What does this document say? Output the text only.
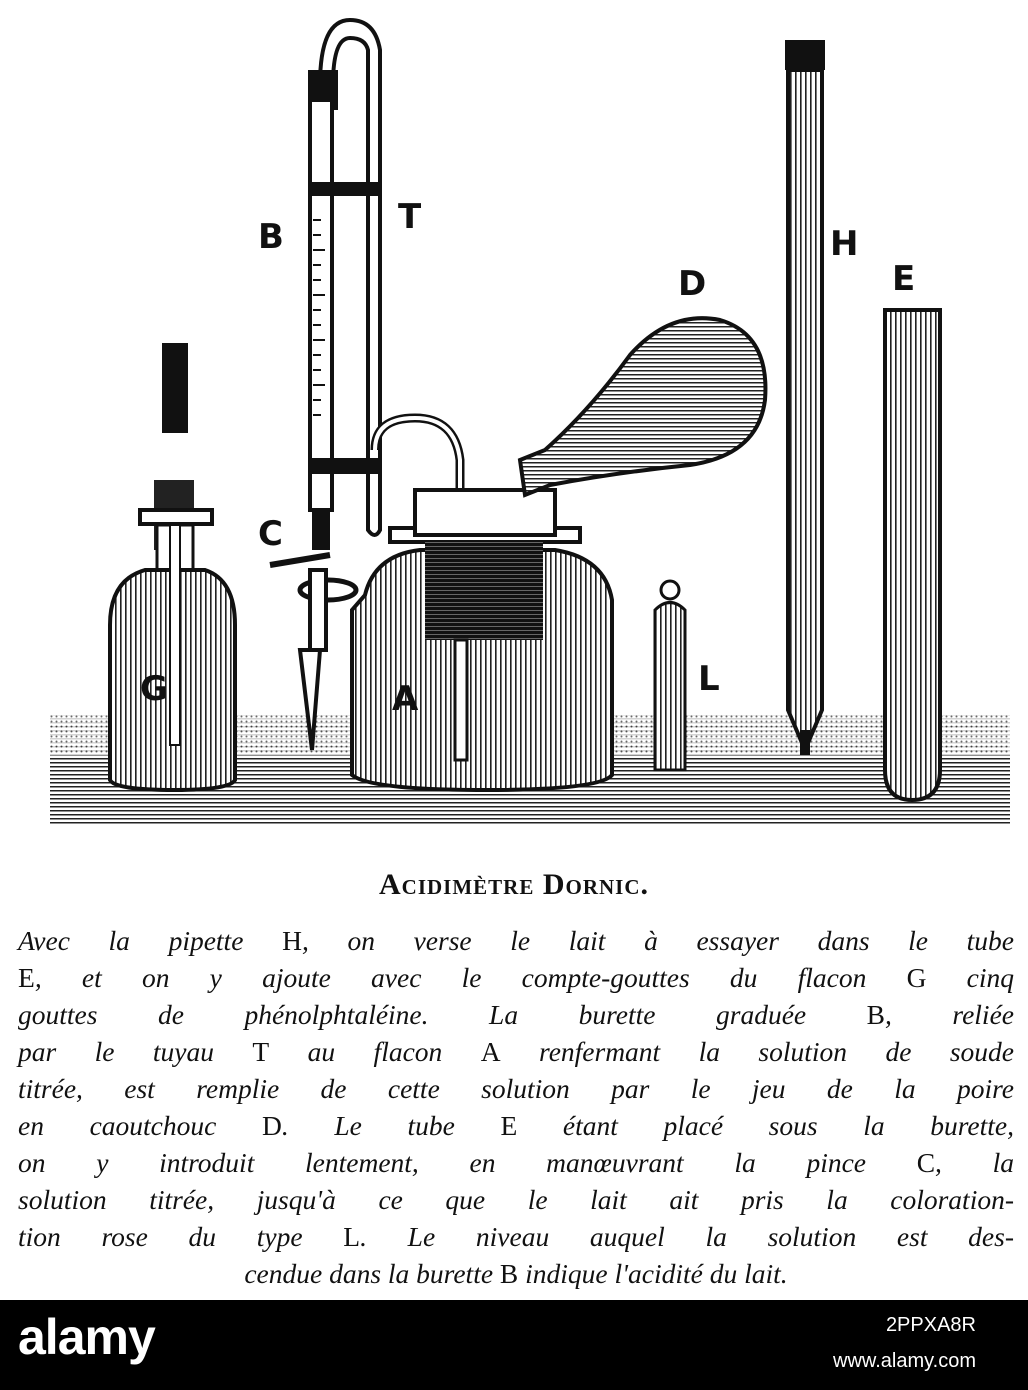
G
B	T
C
A
D
L
H
E
Acidimètre Dornic.
Avec la pipette H, on verse le lait à essayer dans le tube
E, et on y ajoute avec le compte-gouttes du flacon G cinq
gouttes de phénolphtaléine. La burette graduée B, reliée
par le tuyau T au flacon A renfermant la solution de soude
titrée, est remplie de cette solution par le jeu de la poire
en caoutchouc D. Le tube E étant placé sous la burette,
on y introduit lentement, en manœuvrant la pince C, la
solution titrée, jusqu'à ce que le lait ait pris la coloration-
tion rose du type L. Le niveau auquel la solution est des-
cendue dans la burette B indique l'acidité du lait.
alamy	2PPXA8R
www.alamy.com
